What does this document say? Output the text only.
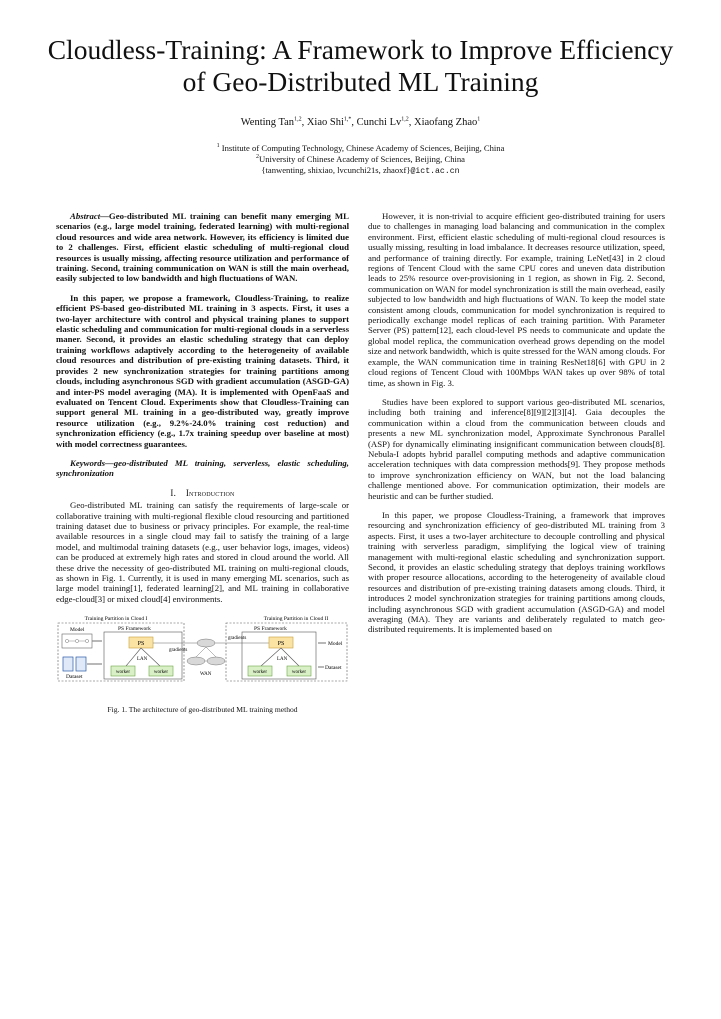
Cloudless-Training: A Framework to Improve Efficiency of Geo-Distributed ML Training
Wenting Tan$^{1,2}$, Xiao Shi$^{1,*}$, Cunchi Lv$^{1,2}$, Xiaofang Zhao$^1$
$^1$ Institute of Computing Technology, Chinese Academy of Sciences, Beijing, China
$^2$University of Chinese Academy of Sciences, Beijing, China
{tanwenting, shixiao, lvcunchi21s, zhaoxf}@ict.ac.cn

Abstract—Geo-distributed ML training can benefit many emerging ML scenarios (e.g., large model training, federated learning) with multi-regional cloud resources and wide area network. However, its efficiency is limited due to 2 challenges. First, efficient elastic scheduling of multi-regional cloud resources is usually missing, affecting resource utilization and performance of training. Second, training communication on WAN is still the main overhead, easily subjected to low bandwidth and high fluctuations of WAN.

In this paper, we propose a framework, Cloudless-Training, to realize efficient PS-based geo-distributed ML training in 3 aspects. First, it uses a two-layer architecture with control and physical training planes to support elastic scheduling and communication for multi-regional clouds in a serverless maner. Second, it provides an elastic scheduling strategy that can deploy training workflows adaptively according to the heterogeneity of available cloud resources and distribution of pre-existing training datasets. Third, it provides 2 new synchronization strategies for training partitions among clouds, including asynchronous SGD with gradient accumulation (ASGD-GA) and inter-PS model averaging (MA). It is implemented with OpenFaaS and evaluated on Tencent Cloud. Experiments show that Cloudless-Training can support general ML training in a geo-distributed way, greatly improve resource utilization (e.g., 9.2%-24.0% training cost reduction) and synchronization efficiency (e.g., 1.7x training speedup over baseline at most) with model correctness guarantees.

Keywords—geo-distributed ML training, serverless, elastic scheduling, synchronization

I. Introduction

Geo-distributed ML training can satisfy the requirements of large-scale or collaborative training with multi-regional flexible cloud resourcing and partitioned training dataset due to business or privacy principles. For example, the real-time available resources in a single cloud may fail to satisfy the training of a large model, and multimodal training datasets (e.g., user behavior logs, images, videos) can be produced at extremely high rates and stored in cloud around the world. All these drive the necessity of geo-distributed ML training on multi-regional clouds, as shown in Fig. 1. Currently, it is used in many emerging ML scenarios, such as large model training[1], federated learning[2], and ML training in collaborative edge-cloud[3] or mixed cloud[4] environments.

Training Partition in Cloud I	Training Partition in Cloud II
Model
Dataset
PS Framework
PS
LAN
worker	worker
gradients
WAN
gradients
PS Framework
PS
LAN
worker	worker
Model
Dataset
Fig. 1. The architecture of geo-distributed ML training method

However, it is non-trivial to acquire efficient geo-distributed training for users due to challenges in managing load balancing and communication in the complex environment. First, efficient elastic scheduling of multi-regional cloud resources is usually missing, resulting in load imbalance. It decreases resource utilization, speed, and performance of training directly. For example, training LeNet[43] in 2 cloud regions of Tencent Cloud with the same CPU cores and uneven data distribution leads to 25% resource over-provisioning in 1 region, as shown in Fig. 2. Second, communication on WAN for model synchronization is still the main overhead, easily subjected to low bandwidth and high fluctuations of WAN. To keep the model state consistent among clouds, communication for model synchronization is required to periodically exchange model replicas of each training partition. With Parameter Server (PS) pattern[12], each cloud-level PS needs to communicate and update the global model replica, the communication overhead grows depending on the model size and network bandwidth, which is quite stressed for the WAN among clouds. For example, the WAN communication time in training ResNet18[6] with GPU in 2 cloud regions of Tencent Cloud with 100Mbps WAN takes up over 98% of total time, as shown in Fig. 3.

Studies have been explored to support various geo-distributed ML scenarios, including both training and inference[8][9][2][3][4]. Gaia decouples the communication within a cloud from the communication between clouds and presents a new ML synchronization model, Approximate Synchronous Parallel (ASP) for dynamically eliminating insignificant communication between clouds[8]. Nebula-I adopts hybrid parallel computing methods and adaptive communication acceleration techniques with data compression methods[9]. They propose methods to improve synchronization efficiency on WAN, but not the load balancing challenge mentioned above. For communication optimization, their models are heuristic and can be further studied.

In this paper, we propose Cloudless-Training, a framework that improves resourcing and synchronization efficiency of geo-distributed ML training from 3 aspects. First, it uses a two-layer architecture to decouple controlling and physical training with serverless paradigm, simplifying the logical view of training management with multi-regional elastic scheduling and synchronization support. Second, it provides an elastic scheduling strategy that deploys training workflows with proper resource allocations, according to the heterogeneity of available cloud resources and distribution of pre-existing training datasets among clouds. Third, it introduces 2 model synchronization strategies for training partitions among clouds, including asynchronous SGD with gradient accumulation (ASGD-GA) and model averaging (MA). They are variants and deliberately regulated to match geo-distributed requirements. It is implemented based on
